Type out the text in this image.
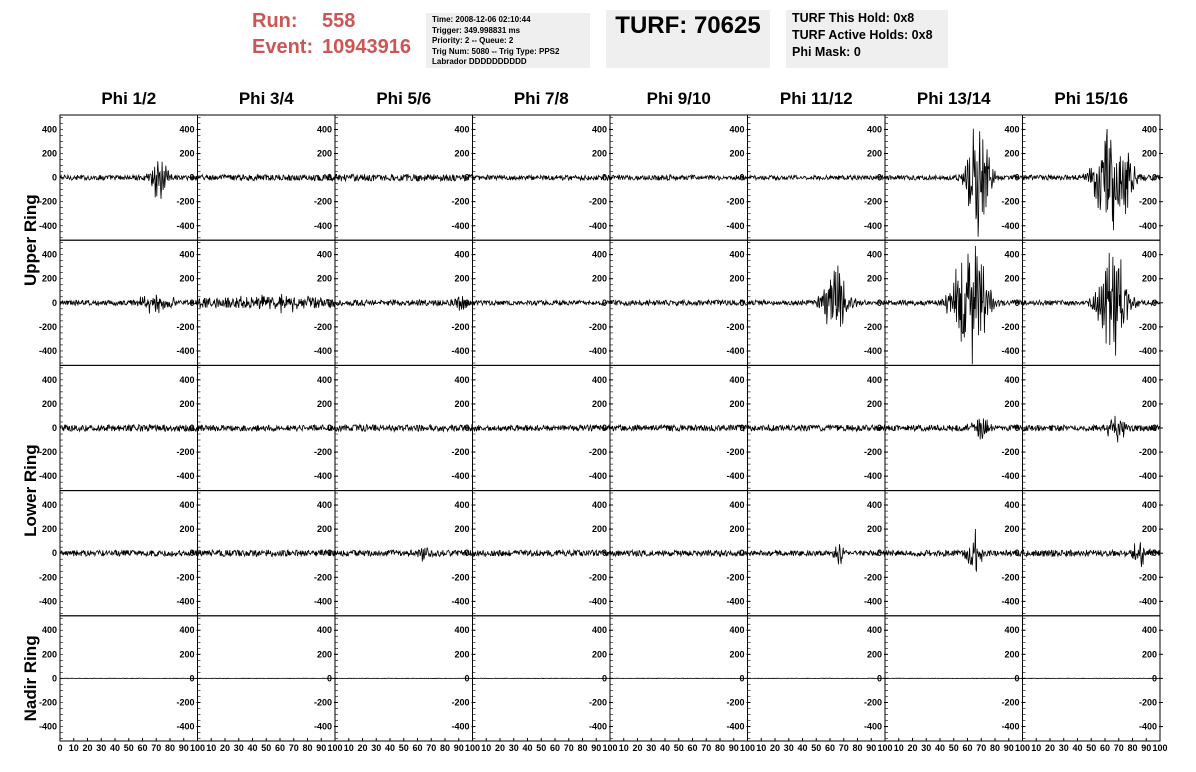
Run: 558
Event: 10943916
Time: 2008-12-06 02:10:44
Trigger: 349.998831 ms
Priority: 2 -- Queue: 2
Trig Num: 5080 -- Trig Type: PPS2
Labrador DDDDDDDDDD
TURF: 70625	TURF This Hold: 0x8
TURF Active Holds: 0x8
Phi Mask: 0
Phi 1/2	Phi 3/4	Phi 5/6	Phi 7/8	Phi 9/10	Phi 11/12	Phi 13/14	Phi 15/16
Upper Ring
Lower Ring
Nadir Ring
-400
-400
-200
-200
0
0
200
200
400
400
-400
-200
0
200
400
-400
-200
0
200
400
-400
-200
0
200
400
-400
-200
0
200
400
-400
-200
0
200
400
-400
-200
0
200
400
-400
-200
0
200
400
-400
-400
-200
-200
0
0
200
200
400
400
-400
-200
0
200
400
-400
-200
0
200
400
-400
-200
0
200
400
-400
-200
0
200
400
-400
-200
0
200
400
-400
-200
0
200
400
-400
-200
0
200
400
-400
-400
-200
-200
0
0
200
200
400
400
-400
-200
0
200
400
-400
-200
0
200
400
-400
-200
0
200
400
-400
-200
0
200
400
-400
-200
0
200
400
-400
-200
0
200
400
-400
-200
0
200
400
-400
-400
-200
-200
0
0
200
200
400
400
-400
-200
0
200
400
-400
-200
0
200
400
-400
-200
0
200
400
-400
-200
0
200
400
-400
-200
0
200
400
-400
-200
0
200
400
-400
-200
0
200
400
-400
-400
-200
-200
0
0
200
200
400
400
-400
-200
0
200
400
-400
-200
0
200
400
-400
-200
0
200
400
-400
-200
0
200
400
-400
-200
0
200
400
-400
-200
0
200
400
-400
-200
0
200
400
0 10 20 30 40 50 60 70 80 90 100 10 20 30 40 50 60 70 80 90 100 10 20 30 40 50 60 70 80 90 100 10 20 30 40 50 60 70 80 90 100 10 20 30 40 50 60 70 80 90 100 10 20 30 40 50 60 70 80 90 100 10 20 30 40 50 60 70 80 90 100 10 20 30 40 50 60 70 80 90 100
